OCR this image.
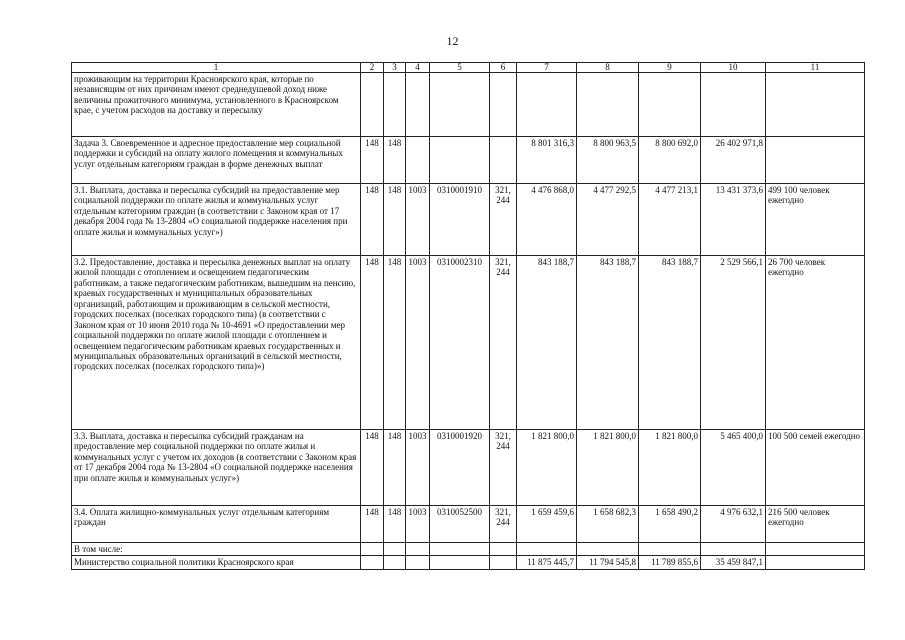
12
1	2	3	4	5	6	7	8	9	10	11
проживающим на территории Красноярского края, которые по независящим от них причинам имеют среднедушевой доход ниже величины прожиточного минимума, установленного в Красноярском крае, с учетом расходов на доставку и пересылку										
Задача 3. Своевременное и адресное предоставление мер социальной поддержки и субсидий на оплату жилого помещения и коммунальных услуг отдельным категориям граждан в форме денежных выплат	148	148				8 801 316,3	8 800 963,5	8 800 692,0	26 402 971,8	
3.1. Выплата, доставка и пересылка субсидий на предоставление мер социальной поддержки по оплате жилья и коммунальных услуг отдельным категориям граждан (в соответствии с Законом края от 17 декабря 2004 года № 13-2804 «О социальной поддержке населения при оплате жилья и коммунальных услуг»)	148	148	1003	0310001910	321, 244	4 476 868,0	4 477 292,5	4 477 213,1	13 431 373,6	499 100 человек ежегодно
3.2. Предоставление, доставка и пересылка денежных выплат на оплату жилой площади с отоплением и освещением педагогическим работникам, а также педагогическим работникам, вышедшим на пенсию, краевых государственных и муниципальных образовательных организаций, работающим и проживающим в сельской местности, городских поселках (поселках городского типа) (в соответствии с Законом края от 10 июня 2010 года № 10-4691 «О предоставлении мер социальной поддержки по оплате жилой площади с отоплением и освещением педагогическим работникам краевых государственных и муниципальных образовательных организаций в сельской местности, городских поселках (поселках городского типа)»)	148	148	1003	0310002310	321, 244	843 188,7	843 188,7	843 188,7	2 529 566,1	26 700 человек ежегодно
3.3. Выплата, доставка и пересылка субсидий гражданам на предоставление мер социальной поддержки по оплате жилья и коммунальных услуг с учетом их доходов (в соответствии с Законом края от 17 декабря 2004 года № 13-2804 «О социальной поддержке населения при оплате жилья и коммунальных услуг»)	148	148	1003	0310001920	321, 244	1 821 800,0	1 821 800,0	1 821 800,0	5 465 400,0	100 500 семей ежегодно
3.4. Оплата жилищно-коммунальных услуг отдельным категориям граждан	148	148	1003	0310052500	321, 244	1 659 459,6	1 658 682,3	1 658 490,2	4 976 632,1	216 500 человек ежегодно
В том числе:										
Министерство социальной политики Красноярского края						11 875 445,7	11 794 545,8	11 789 855,6	35 459 847,1	
